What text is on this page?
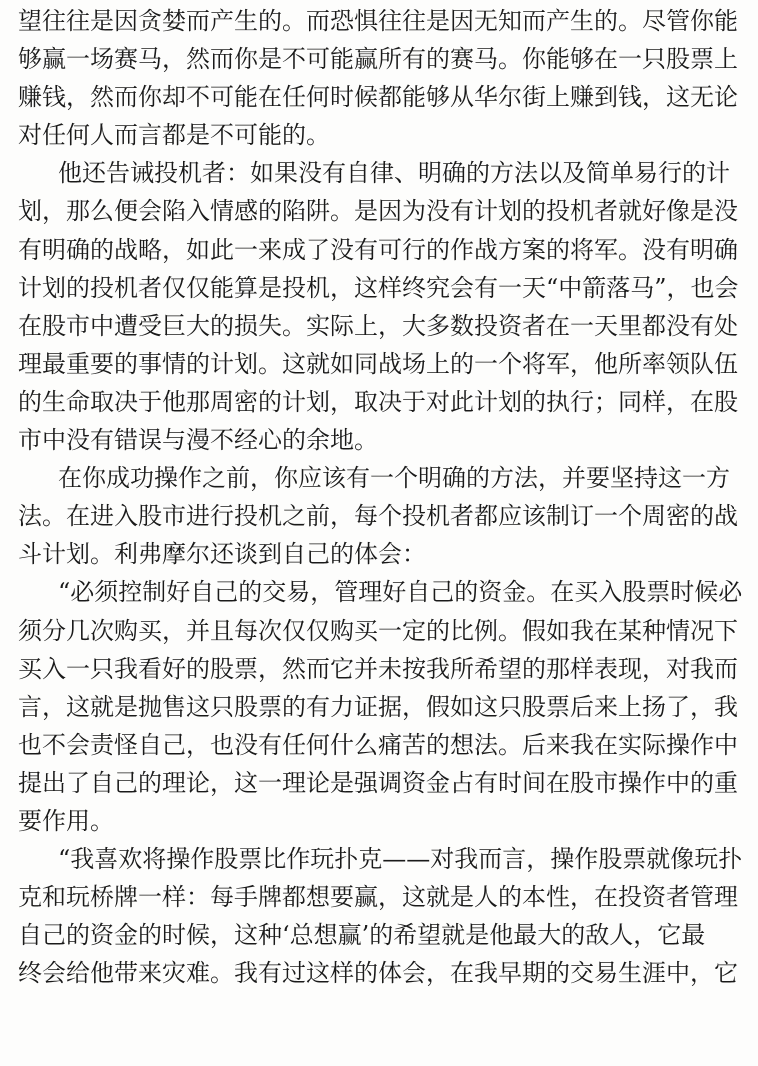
望往往是因贪婪而产生的。而恐惧往往是因无知而产生的。尽管你能
够赢一场赛马，然而你是不可能赢所有的赛马。你能够在一只股票上
赚钱，然而你却不可能在任何时候都能够从华尔街上赚到钱，这无论
对任何人而言都是不可能的。
他还告诫投机者：如果没有自律、明确的方法以及简单易行的计
划，那么便会陷入情感的陷阱。是因为没有计划的投机者就好像是没
有明确的战略，如此一来成了没有可行的作战方案的将军。没有明确
计划的投机者仅仅能算是投机，这样终究会有一天“中箭落马”，也会
在股市中遭受巨大的损失。实际上，大多数投资者在一天里都没有处
理最重要的事情的计划。这就如同战场上的一个将军，他所率领队伍
的生命取决于他那周密的计划，取决于对此计划的执行；同样，在股
市中没有错误与漫不经心的余地。
在你成功操作之前，你应该有一个明确的方法，并要坚持这一方
法。在进入股市进行投机之前，每个投机者都应该制订一个周密的战
斗计划。利弗摩尔还谈到自己的体会：
“必须控制好自己的交易，管理好自己的资金。在买入股票时候必
须分几次购买，并且每次仅仅购买一定的比例。假如我在某种情况下
买入一只我看好的股票，然而它并未按我所希望的那样表现，对我而
言，这就是抛售这只股票的有力证据，假如这只股票后来上扬了，我
也不会责怪自己，也没有任何什么痛苦的想法。后来我在实际操作中
提出了自己的理论，这一理论是强调资金占有时间在股市操作中的重
要作用。
“我喜欢将操作股票比作玩扑克——对我而言，操作股票就像玩扑
克和玩桥牌一样：每手牌都想要赢，这就是人的本性，在投资者管理
自己的资金的时候，这种‘总想赢’的希望就是他最大的敌人，它最
终会给他带来灾难。我有过这样的体会，在我早期的交易生涯中，它
